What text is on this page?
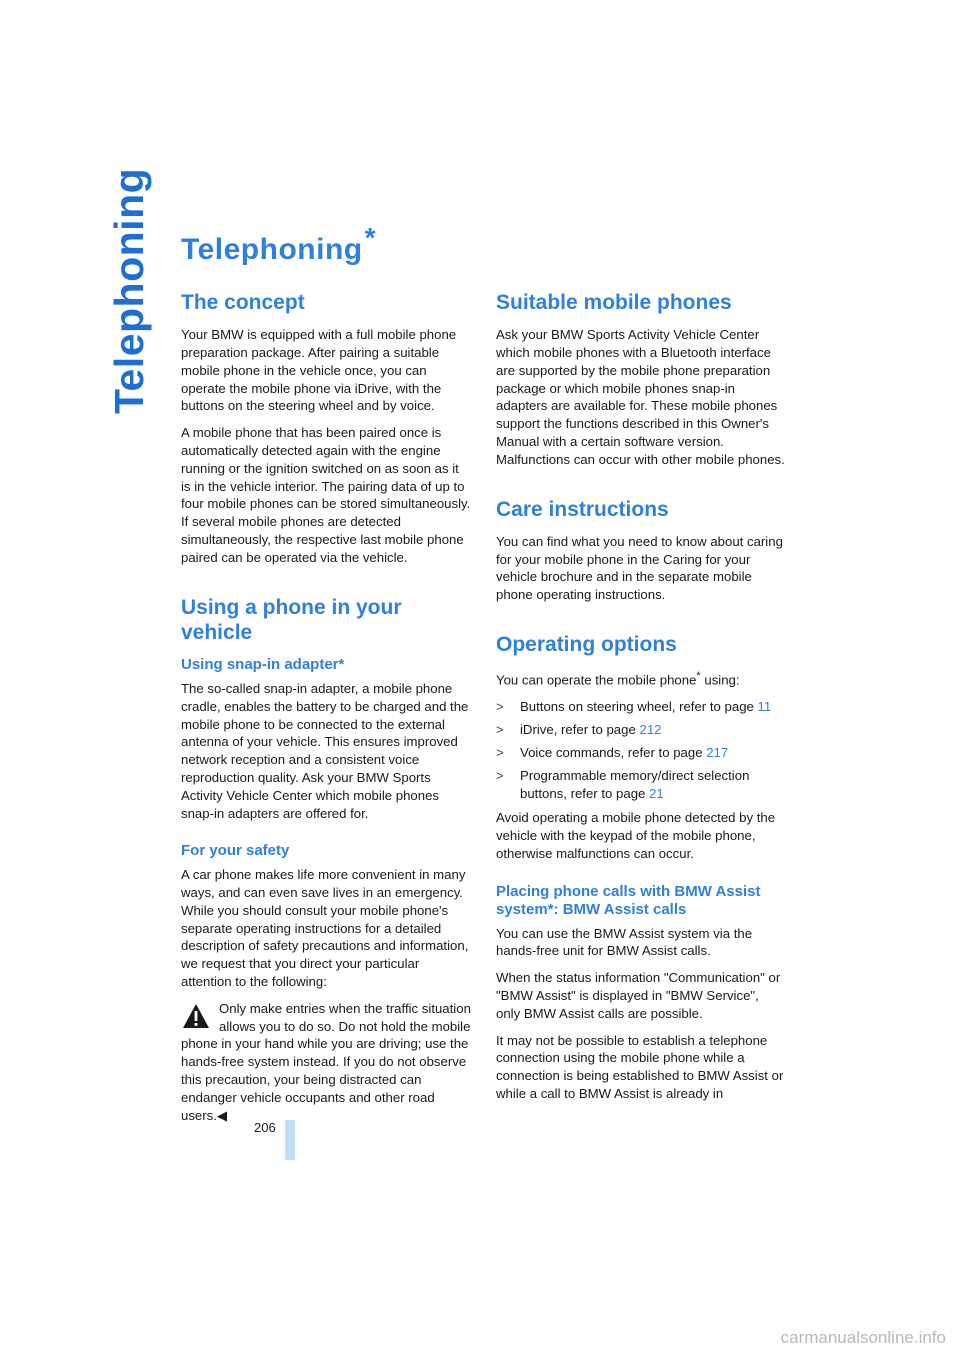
Telephoning Telephoning*
The concept

Your BMW is equipped with a full mobile phone preparation package. After pairing a suitable mobile phone in the vehicle once, you can operate the mobile phone via iDrive, with the buttons on the steering wheel and by voice.

A mobile phone that has been paired once is automatically detected again with the engine running or the ignition switched on as soon as it is in the vehicle interior. The pairing data of up to four mobile phones can be stored simultaneously. If several mobile phones are detected simultaneously, the respective last mobile phone paired can be operated via the vehicle.

Using a phone in your vehicle
Using snap-in adapter*

The so-called snap-in adapter, a mobile phone cradle, enables the battery to be charged and the mobile phone to be connected to the external antenna of your vehicle. This ensures improved network reception and a consistent voice reproduction quality. Ask your BMW Sports Activity Vehicle Center which mobile phones snap-in adapters are offered for.

For your safety

A car phone makes life more convenient in many ways, and can even save lives in an emergency. While you should consult your mobile phone's separate operating instructions for a detailed description of safety precautions and information, we request that you direct your particular attention to the following:

Only make entries when the traffic situation allows you to do so. Do not hold the mobile phone in your hand while you are driving; use the hands-free system instead. If you do not observe this precaution, your being distracted can endanger vehicle occupants and other road users.◀

Suitable mobile phones

Ask your BMW Sports Activity Vehicle Center which mobile phones with a Bluetooth interface are supported by the mobile phone preparation package or which mobile phones snap-in adapters are available for. These mobile phones support the functions described in this Owner's Manual with a certain software version. Malfunctions can occur with other mobile phones.

Care instructions

You can find what you need to know about caring for your mobile phone in the Caring for your vehicle brochure and in the separate mobile phone operating instructions.

Operating options

You can operate the mobile phone* using:

> Buttons on steering wheel, refer to page 11
> iDrive, refer to page 212
> Voice commands, refer to page 217
> Programmable memory/direct selection buttons, refer to page 21

Avoid operating a mobile phone detected by the vehicle with the keypad of the mobile phone, otherwise malfunctions can occur.

Placing phone calls with BMW Assist system*: BMW Assist calls

You can use the BMW Assist system via the hands-free unit for BMW Assist calls.

When the status information "Communication" or "BMW Assist" is displayed in "BMW Service", only BMW Assist calls are possible.

It may not be possible to establish a telephone connection using the mobile phone while a connection is being established to BMW Assist or while a call to BMW Assist is already in

206
carmanualsonline.info
